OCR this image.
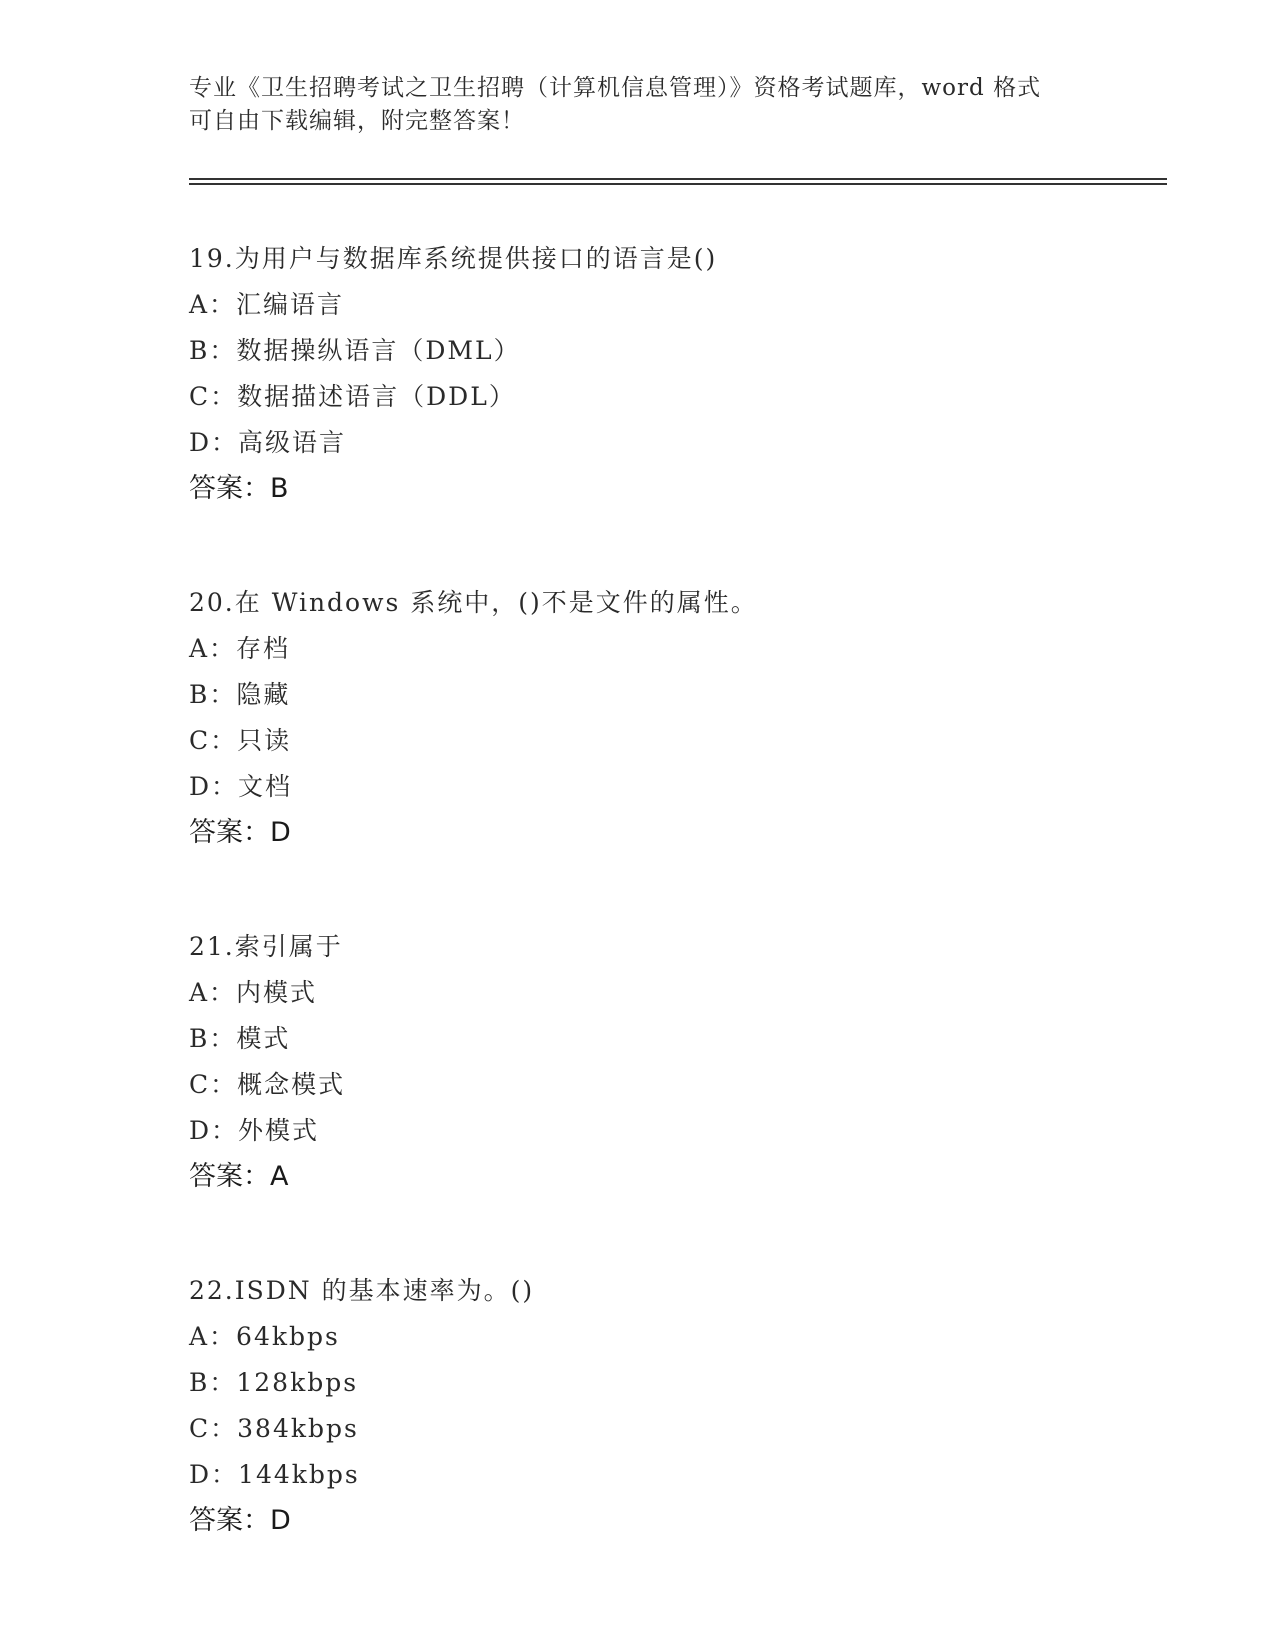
专业《卫生招聘考试之卫生招聘（计算机信息管理）》资格考试题库，word 格式
可自由下载编辑，附完整答案！
19.为用户与数据库系统提供接口的语言是()
A：汇编语言
B：数据操纵语言（DML）
C：数据描述语言（DDL）
D：高级语言
答案：B
20.在 Windows 系统中，()不是文件的属性。
A：存档
B：隐藏
C：只读
D：文档
答案：D
21.索引属于
A：内模式
B：模式
C：概念模式
D：外模式
答案：A
22.ISDN 的基本速率为。()
A：64kbps
B：128kbps
C：384kbps
D：144kbps
答案：D
